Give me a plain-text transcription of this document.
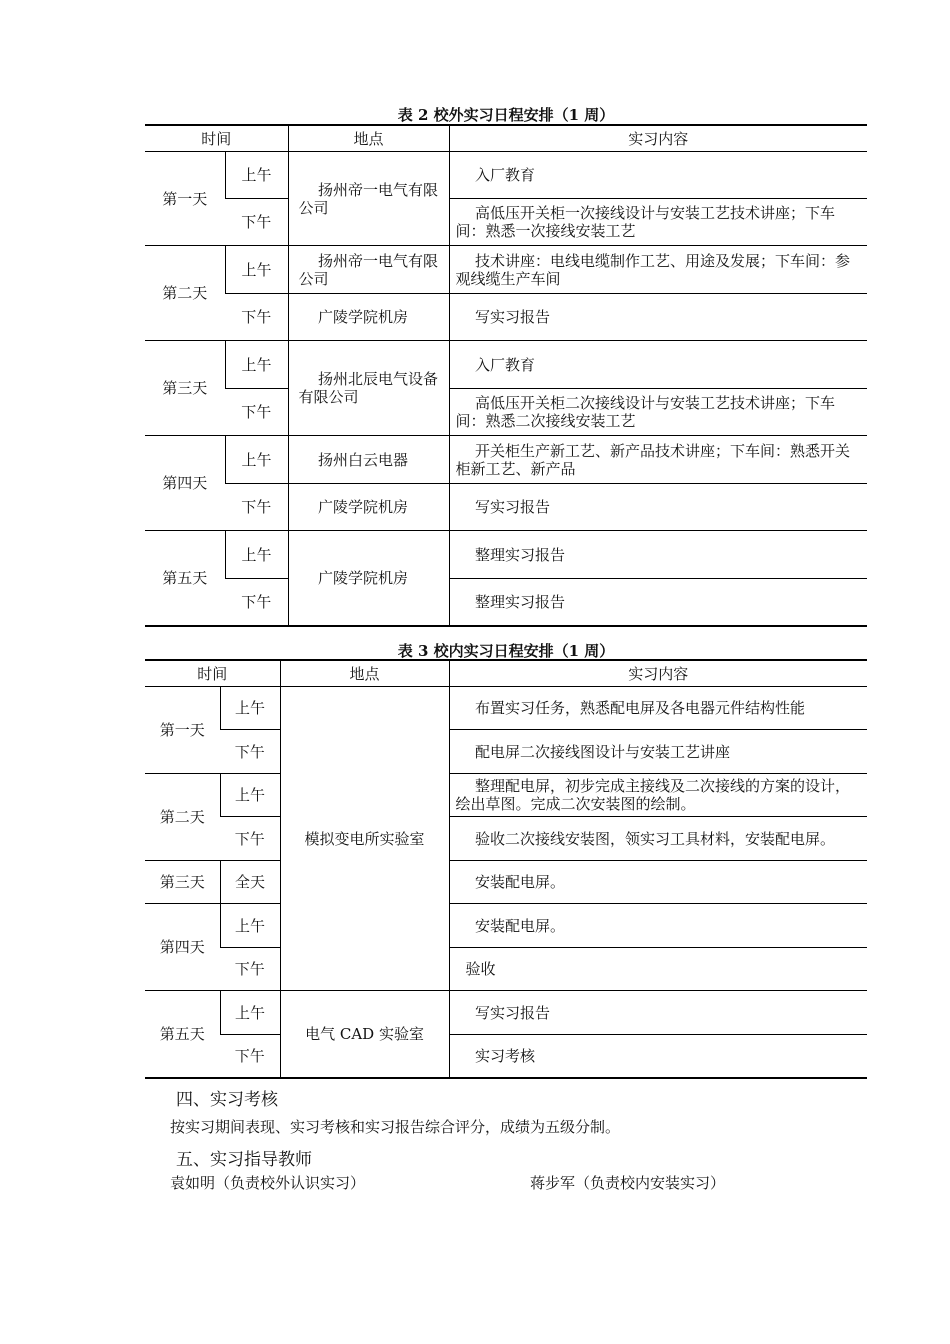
表 2 校外实习日程安排（1 周）
时间		地点	实习内容
第一天	上午	扬州帝一电气有限公司	入厂教育
	下午		高低压开关柜一次接线设计与安装工艺技术讲座；下车间：熟悉一次接线安装工艺
第二天	上午	扬州帝一电气有限公司	技术讲座：电线电缆制作工艺、用途及发展；下车间：参观线缆生产车间
	下午	广陵学院机房	写实习报告
第三天	上午	扬州北辰电气设备有限公司	入厂教育
	下午		高低压开关柜二次接线设计与安装工艺技术讲座；下车间：熟悉二次接线安装工艺
第四天	上午	扬州白云电器	开关柜生产新工艺、新产品技术讲座；下车间：熟悉开关柜新工艺、新产品
	下午	广陵学院机房	写实习报告
第五天	上午	广陵学院机房	整理实习报告
	下午		整理实习报告
表 3 校内实习日程安排（1 周）
时间		地点	实习内容
第一天	上午	模拟变电所实验室	布置实习任务，熟悉配电屏及各电器元件结构性能
	下午		配电屏二次接线图设计与安装工艺讲座
第二天	上午		整理配电屏，初步完成主接线及二次接线的方案的设计，绘出草图。完成二次安装图的绘制。
	下午		验收二次接线安装图，领实习工具材料，安装配电屏。
第三天	全天		安装配电屏。
第四天	上午		安装配电屏。
	下午		验收
第五天	上午	电气 CAD 实验室	写实习报告
	下午		实习考核
四、实习考核
按实习期间表现、实习考核和实习报告综合评分，成绩为五级分制。
五、实习指导教师
袁如明（负责校外认识实习）	蒋步军（负责校内安装实习）
